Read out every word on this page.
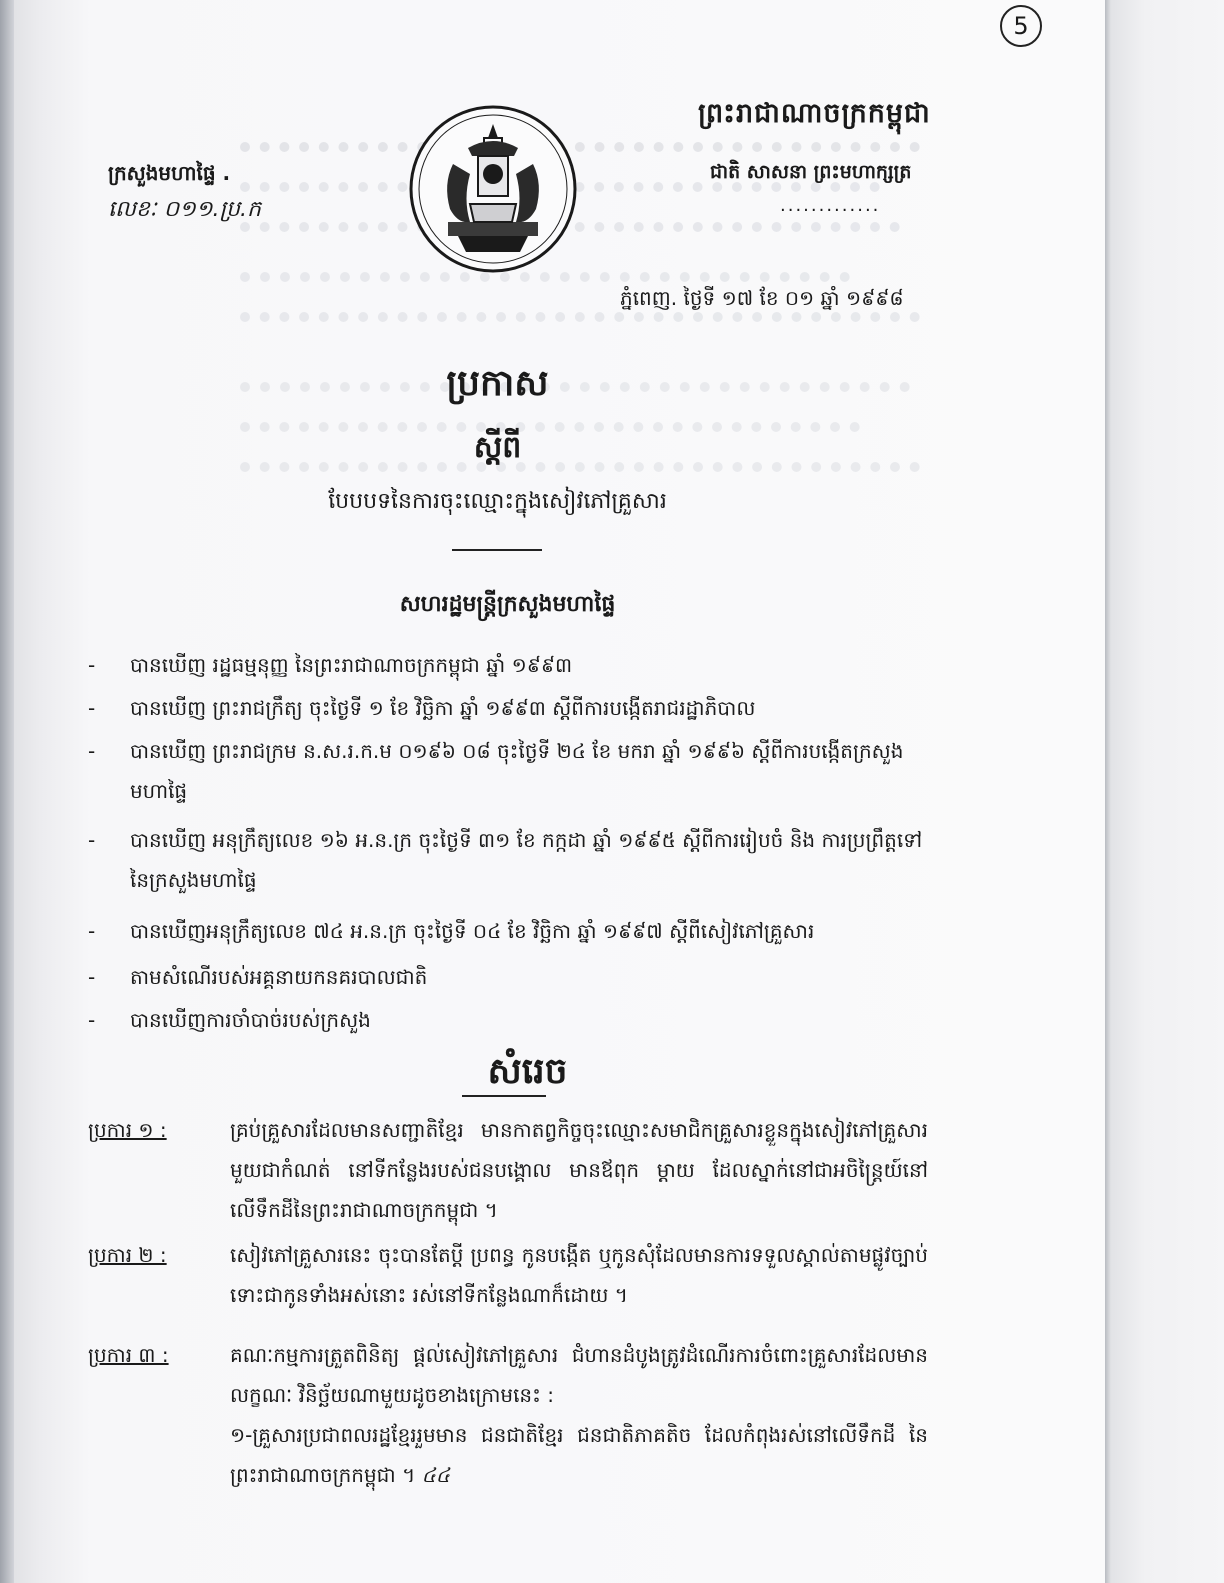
5
ព្រះរាជាណាចក្រកម្ពុជា
ជាតិ សាសនា ព្រះមហាក្សត្រ
.............
ក្រសួងមហាផ្ទៃ .
លេខៈ ០១១.ប្រ.ក
ភ្នំពេញ. ថ្ងៃទី ១៧ ខែ ០១ ឆ្នាំ ១៩៩៨
ប្រកាស
ស្តីពី
បែបបទនៃការចុះឈ្មោះក្នុងសៀវភៅគ្រួសារ
សហរដ្ឋមន្ត្រីក្រសួងមហាផ្ទៃ
-	បានឃើញ រដ្ឋធម្មនុញ្ញ នៃព្រះរាជាណាចក្រកម្ពុជា ឆ្នាំ ១៩៩៣
-	បានឃើញ ព្រះរាជក្រឹត្យ ចុះថ្ងៃទី ១ ខែ វិច្ឆិកា ឆ្នាំ ១៩៩៣ ស្តីពីការបង្កើតរាជរដ្ឋាភិបាល
-	បានឃើញ ព្រះរាជក្រម ន.ស.រ.ក.ម ០១៩៦ ០៨ ចុះថ្ងៃទី ២៤ ខែ មករា ឆ្នាំ ១៩៩៦ ស្តីពីការបង្កើតក្រសួងមហាផ្ទៃ
-	បានឃើញ អនុក្រឹត្យលេខ ១៦ អ.ន.ក្រ ចុះថ្ងៃទី ៣១ ខែ កក្កដា ឆ្នាំ ១៩៩៥ ស្តីពីការរៀបចំ និង ការប្រព្រឹត្តទៅ នៃក្រសួងមហាផ្ទៃ
-	បានឃើញអនុក្រឹត្យលេខ ៧៤ អ.ន.ក្រ ចុះថ្ងៃទី ០៤ ខែ វិច្ឆិកា ឆ្នាំ ១៩៩៧ ស្តីពីសៀវភៅគ្រួសារ
-	តាមសំណើរបស់អគ្គនាយកនគរបាលជាតិ
-	បានឃើញការចាំបាច់របស់ក្រសួង
សំរេច
ប្រការ ១ :	គ្រប់គ្រួសារដែលមានសញ្ជាតិខ្មែរ មានកាតព្វកិច្ចចុះឈ្មោះសមាជិកគ្រួសារខ្លួនក្នុងសៀវភៅគ្រួសារ មួយជាកំណត់ នៅទីកន្លែងរបស់ជនបង្គោល មានឪពុក ម្តាយ ដែលស្នាក់នៅជាអចិន្ត្រៃយ៍នៅលើទឹកដីនៃព្រះរាជាណាចក្រកម្ពុជា ។
ប្រការ ២ :	សៀវភៅគ្រួសារនេះ ចុះបានតែប្តី ប្រពន្ធ កូនបង្កើត ឬកូនសុំដែលមានការទទួលស្គាល់តាមផ្លូវច្បាប់ ទោះជាកូនទាំងអស់នោះ រស់នៅទីកន្លែងណាក៏ដោយ ។
ប្រការ ៣ :	គណៈកម្មការត្រួតពិនិត្យ ផ្តល់សៀវភៅគ្រួសារ ជំហានដំបូងត្រូវដំណើរការចំពោះគ្រួសារដែលមានលក្ខណៈ វិនិច្ឆ័យណាមួយដូចខាងក្រោមនេះ :
១-គ្រួសារប្រជាពលរដ្ឋខ្មែររួមមាន ជនជាតិខ្មែរ ជនជាតិភាគតិច ដែលកំពុងរស់នៅលើទឹកដី នៃព្រះរាជាណាចក្រកម្ពុជា ។ ៤៤
